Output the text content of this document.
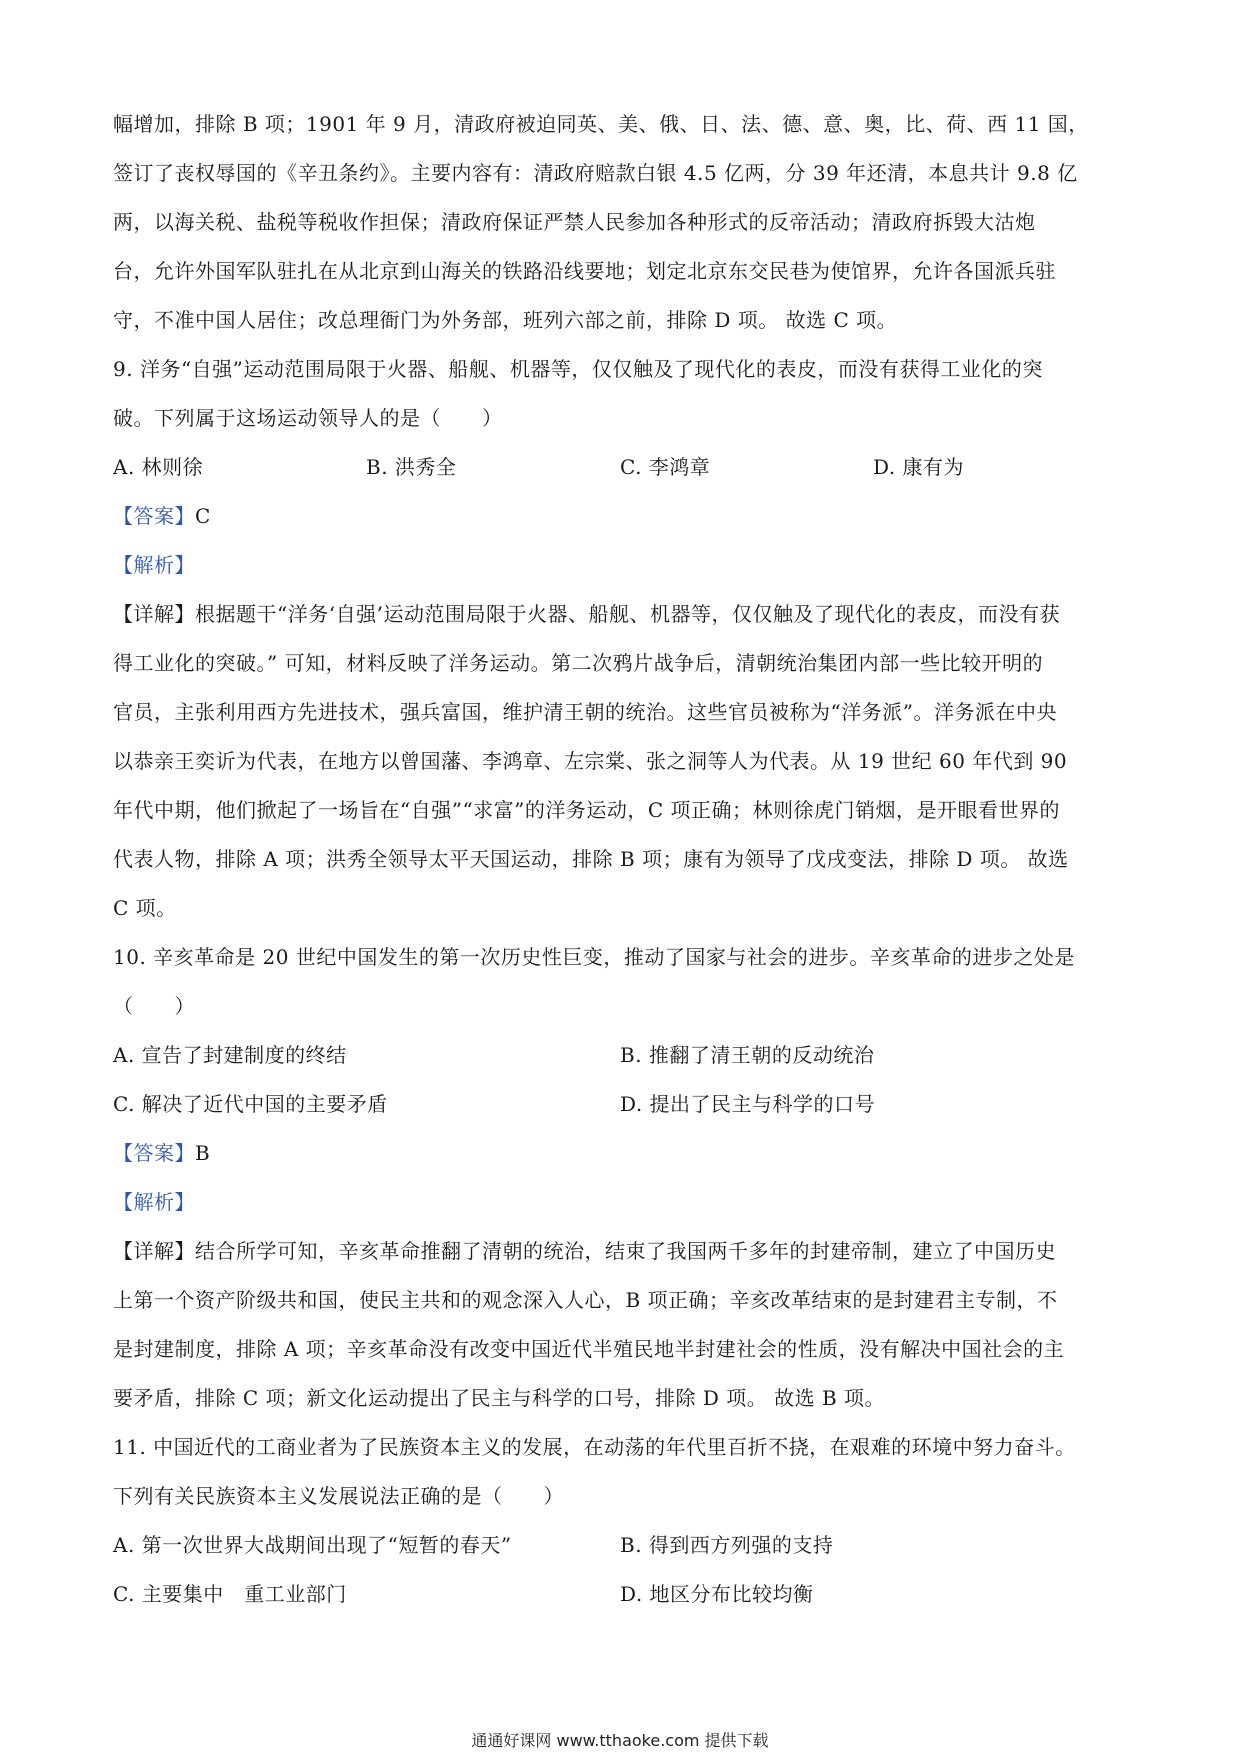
幅增加，排除 B 项；1901 年 9 月，清政府被迫同英、美、俄、日、法、德、意、奥，比、荷、西 11 国，
签订了丧权辱国的《辛丑条约》。主要内容有：清政府赔款白银 4.5 亿两，分 39 年还清，本息共计 9.8 亿
两，以海关税、盐税等税收作担保；清政府保证严禁人民参加各种形式的反帝活动；清政府拆毁大沽炮
台，允许外国军队驻扎在从北京到山海关的铁路沿线要地；划定北京东交民巷为使馆界，允许各国派兵驻
守，不准中国人居住；改总理衙门为外务部，班列六部之前，排除 D 项。 故选 C 项。
9. 洋务“自强”运动范围局限于火器、船舰、机器等，仅仅触及了现代化的表皮，而没有获得工业化的突
破。下列属于这场运动领导人的是（　　）
A. 林则徐	B. 洪秀全	C. 李鸿章	D. 康有为
【答案】C
【解析】
【详解】根据题干“洋务‘自强’运动范围局限于火器、船舰、机器等，仅仅触及了现代化的表皮，而没有获
得工业化的突破。” 可知，材料反映了洋务运动。第二次鸦片战争后，清朝统治集团内部一些比较开明的
官员，主张利用西方先进技术，强兵富国，维护清王朝的统治。这些官员被称为“洋务派”。洋务派在中央
以恭亲王奕䜣为代表，在地方以曾国藩、李鸿章、左宗棠、张之洞等人为代表。从 19 世纪 60 年代到 90
年代中期，他们掀起了一场旨在“自强”“求富”的洋务运动，C 项正确；林则徐虎门销烟，是开眼看世界的
代表人物，排除 A 项；洪秀全领导太平天国运动，排除 B 项；康有为领导了戊戌变法，排除 D 项。 故选
C 项。
10. 辛亥革命是 20 世纪中国发生的第一次历史性巨变，推动了国家与社会的进步。辛亥革命的进步之处是
（　　）
A. 宣告了封建制度的终结	B. 推翻了清王朝的反动统治
C. 解决了近代中国的主要矛盾	D. 提出了民主与科学的口号
【答案】B
【解析】
【详解】结合所学可知，辛亥革命推翻了清朝的统治，结束了我国两千多年的封建帝制，建立了中国历史
上第一个资产阶级共和国，使民主共和的观念深入人心，B 项正确；辛亥改革结束的是封建君主专制，不
是封建制度，排除 A 项；辛亥革命没有改变中国近代半殖民地半封建社会的性质，没有解决中国社会的主
要矛盾，排除 C 项；新文化运动提出了民主与科学的口号，排除 D 项。 故选 B 项。
11. 中国近代的工商业者为了民族资本主义的发展，在动荡的年代里百折不挠，在艰难的环境中努力奋斗。
下列有关民族资本主义发展说法正确的是（　　）
A. 第一次世界大战期间出现了“短暂的春天”	B. 得到西方列强的支持
C. 主要集中　重工业部门	D. 地区分布比较均衡
通通好课网 www.tthaoke.com 提供下载
